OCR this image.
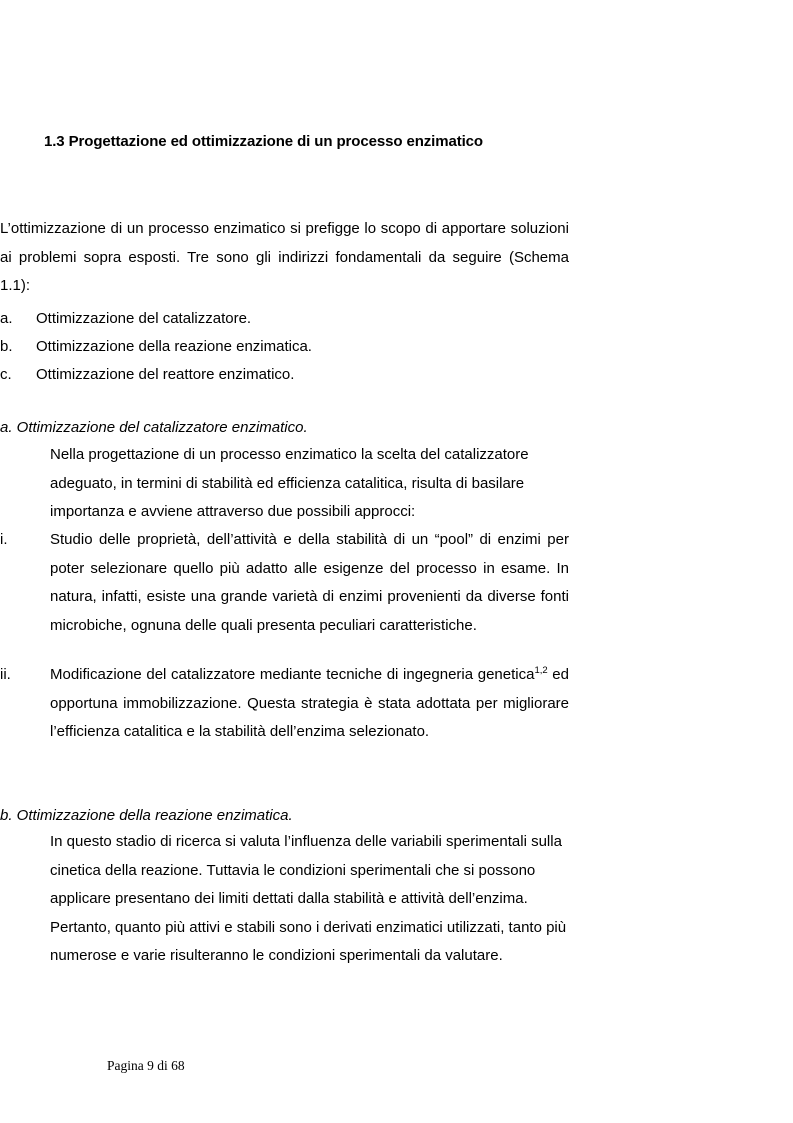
1.3 Progettazione ed ottimizzazione di un processo enzimatico

L’ottimizzazione di un processo enzimatico si prefigge lo scopo di apportare soluzioni ai problemi sopra esposti. Tre sono gli indirizzi fondamentali da seguire (Schema 1.1):

a.	Ottimizzazione del catalizzatore.
b.	Ottimizzazione della reazione enzimatica.
c.	Ottimizzazione del reattore enzimatico.

a. Ottimizzazione del catalizzatore enzimatico.

Nella progettazione di un processo enzimatico la scelta del catalizzatore adeguato, in termini di stabilità ed efficienza catalitica, risulta di basilare importanza e avviene attraverso due possibili approcci:

i.	Studio delle proprietà, dell’attività e della stabilità di un “pool” di enzimi per poter selezionare quello più adatto alle esigenze del processo in esame. In natura, infatti, esiste una grande varietà di enzimi provenienti da diverse fonti microbiche, ognuna delle quali presenta peculiari caratteristiche.
ii.	Modificazione del catalizzatore mediante tecniche di ingegneria genetica$^{1,2}$ ed opportuna immobilizzazione. Questa strategia è stata adottata per migliorare l’efficienza catalitica e la stabilità dell’enzima selezionato.

b. Ottimizzazione della reazione enzimatica.

In questo stadio di ricerca si valuta l’influenza delle variabili sperimentali sulla cinetica della reazione. Tuttavia le condizioni sperimentali che si possono applicare presentano dei limiti dettati dalla stabilità e attività dell’enzima. Pertanto, quanto più attivi e stabili sono i derivati enzimatici utilizzati, tanto più numerose e varie risulteranno le condizioni sperimentali da valutare.

Pagina 9 di 68
